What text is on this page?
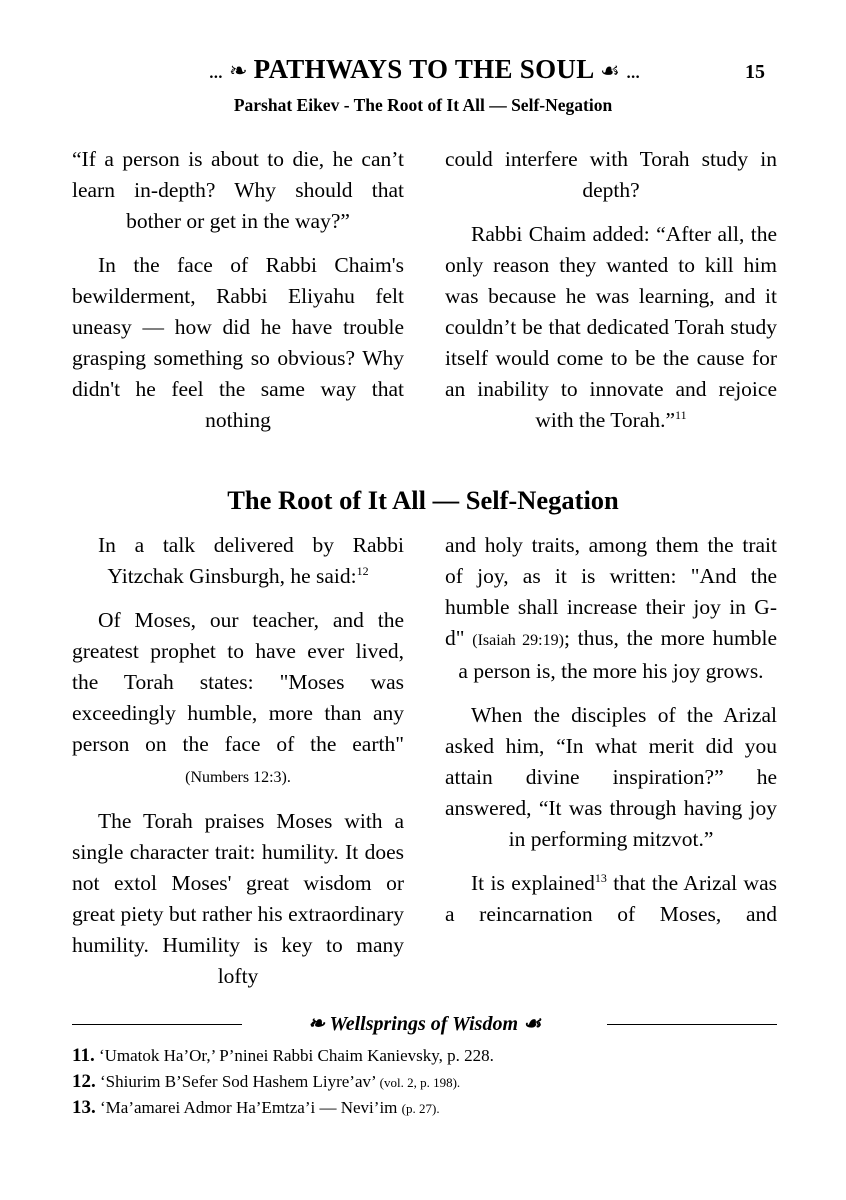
... ❧ PATHWAYS TO THE SOUL ☙ ...	15
Parshat Eikev - The Root of It All — Self-Negation

“If a person is about to die, he can’t learn in-depth? Why should that bother or get in the way?”

In the face of Rabbi Chaim's bewilderment, Rabbi Eliyahu felt uneasy — how did he have trouble grasping something so obvious? Why didn't he feel the same way that nothing

could interfere with Torah study in depth?

Rabbi Chaim added: “After all, the only reason they wanted to kill him was because he was learning, and it couldn’t be that dedicated Torah study itself would come to be the cause for an inability to innovate and rejoice with the Torah.”$^{11}$

The Root of It All — Self-Negation

In a talk delivered by Rabbi Yitzchak Ginsburgh, he said:$^{12}$

Of Moses, our teacher, and the greatest prophet to have ever lived, the Torah states: "Moses was exceedingly humble, more than any person on the face of the earth" (Numbers 12:3).

The Torah praises Moses with a single character trait: humility. It does not extol Moses' great wisdom or great piety but rather his extraordinary humility. Humility is key to many lofty

and holy traits, among them the trait of joy, as it is written: "And the humble shall increase their joy in G-d" (Isaiah 29:19); thus, the more humble a person is, the more his joy grows.

When the disciples of the Arizal asked him, “In what merit did you attain divine inspiration?” he answered, “It was through having joy in performing mitzvot.”

It is explained$^{13}$ that the Arizal was a reincarnation of Moses, and

❧ Wellsprings of Wisdom ☙
11. ‘Umatok Ha’Or,’ P’ninei Rabbi Chaim Kanievsky, p. 228.
12. ‘Shiurim B’Sefer Sod Hashem Liyre’av’ (vol. 2, p. 198).
13. ‘Ma’amarei Admor Ha’Emtza’i — Nevi’im (p. 27).
